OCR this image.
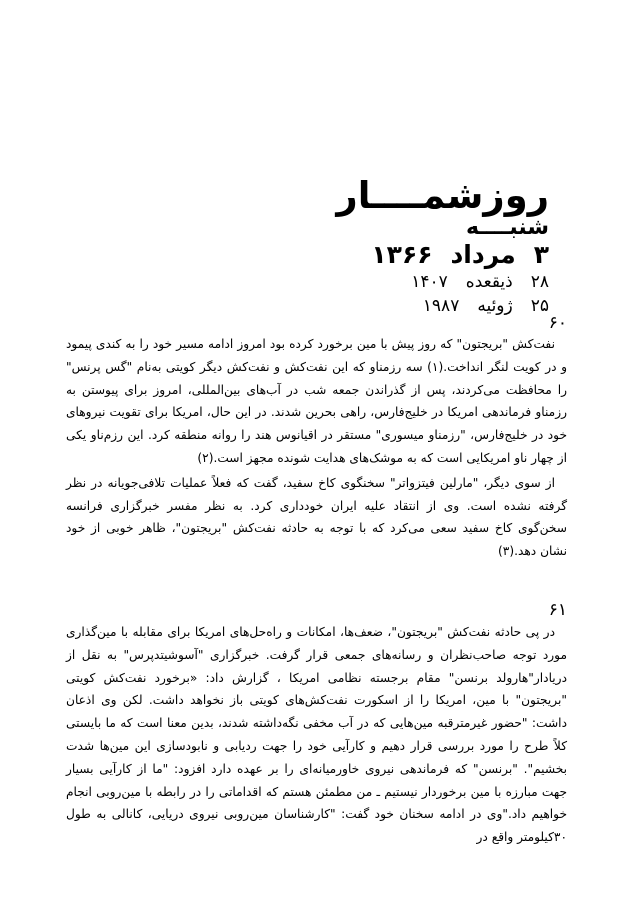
روزشمــــار
شنبــــه
۳مرداد۱۳۶۶
۲۸ذیقعده۱۴۰۷
۲۵ژوئیه۱۹۸۷
۶۰

نفت‌کش "بریجتون" که روز پیش با مین برخورد کرده بود امروز ادامه مسیر خود را به کندی پیمود و در کویت لنگر انداخت.(۱) سه رزمناو که این نفت‌کش و نفت‌کش دیگر کویتی به‌نام "گس پرنس" را محافظت می‌کردند، پس از گذراندن جمعه شب در آب‌های بین‌المللی، امروز برای پیوستن به رزمناو فرماندهی امریکا در خلیج‌فارس، راهی بحرین شدند. در این حال، امریکا برای تقویت نیروهای خود در خلیج‌فارس، "رزمناو میسوری" مستقر در اقیانوس هند را روانه منطقه کرد. این رزم‌ناو یکی از چهار ناو امریکایی است که به موشک‌های هدایت شونده مجهز است.(۲)

از سوی دیگر، "مارلین فیتزواتر" سخنگوی کاخ سفید، گفت که فعلاً عملیات تلافی‌جویانه در نظر گرفته نشده است. وی از انتقاد علیه ایران خودداری کرد. به نظر مفسر خبرگزاری فرانسه سخن‌گوی کاخ سفید سعی می‌کرد که با توجه به حادثه نفت‌کش "بریجتون"، ظاهر خوبی از خود نشان دهد.(۳)

۶۱

در پی حادثه نفت‌کش "بریجتون"، ضعف‌ها، امکانات و راه‌حل‌های امریکا برای مقابله با مین‌گذاری مورد توجه صاحب‌نظران و رسانه‌های جمعی قرار گرفت. خبرگزاری "آسوشیتدپرس" به نقل از دریادار"هارولد برنسن" مقام برجسته نظامی امریکا ، گزارش داد: «برخورد نفت‌کش کویتی "بریجتون" با مین، امریکا را از اسکورت نفت‌کش‌های کویتی باز نخواهد داشت. لکن وی اذعان داشت: "حضور غیرمترقبه مین‌هایی که در آب مخفی نگه‌داشته شدند، بدین معنا است که ما بایستی کلاً طرح را مورد بررسی قرار دهیم و کارآیی خود را جهت ردیابی و نابودسازی این مین‌ها شدت بخشیم". "برنسن" که فرماندهی نیروی خاورمیانه‌ای را بر عهده دارد افزود: "ما از کارآیی بسیار جهت مبارزه با مین برخوردار نیستیم ـ من مطمئن هستم که اقداماتی را در رابطه با مین‌روبی انجام خواهیم داد."وی در ادامه سخنان خود گفت: "کارشناسان مین‌روبی نیروی دریایی، کانالی به طول ۳۰کیلومتر واقع در
